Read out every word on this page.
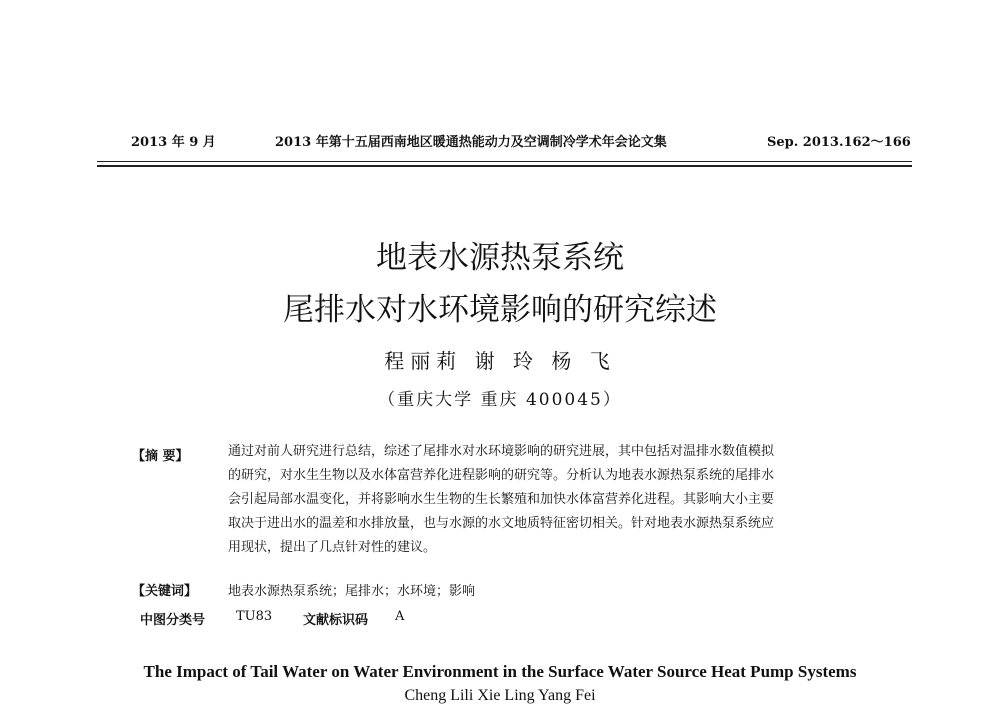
2013 年 9 月	2013 年第十五届西南地区暖通热能动力及空调制冷学术年会论文集	Sep. 2013.162～166
地表水源热泵系统
尾排水对水环境影响的研究综述
程丽莉 谢 玲 杨 飞
（重庆大学 重庆 400045）
【摘 要】	通过对前人研究进行总结，综述了尾排水对水环境影响的研究进展，其中包括对温排水数值模拟
的研究，对水生生物以及水体富营养化进程影响的研究等。分析认为地表水源热泵系统的尾排水
会引起局部水温变化，并将影响水生生物的生长繁殖和加快水体富营养化进程。其影响大小主要
取决于进出水的温差和水排放量，也与水源的水文地质特征密切相关。针对地表水源热泵系统应
用现状，提出了几点针对性的建议。
【关键词】 地表水源热泵系统；尾排水；水环境；影响
中图分类号 TU83 文献标识码 A
The Impact of Tail Water on Water Environment in the Surface Water Source Heat Pump Systems
Cheng Lili Xie Ling Yang Fei
